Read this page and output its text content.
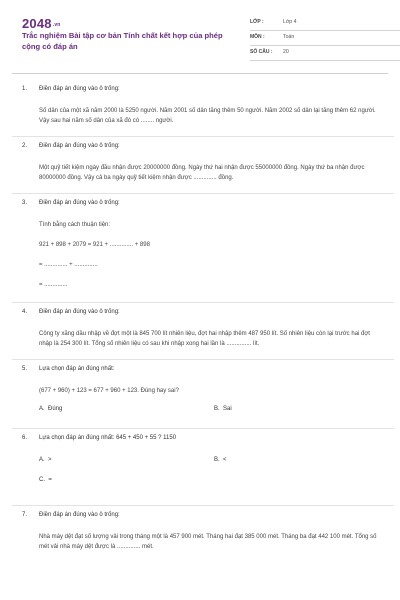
2048.vn
Trắc nghiệm Bài tập cơ bản Tính chất kết hợp của phép cộng có đáp án
LỚP :	Lớp 4
MÔN :	Toán
SỐ CÂU : 20
1. Điền đáp án đúng vào ô trống:
Số dân của một xã năm 2000 là 5250 người. Năm 2001 số dân tăng thêm 50 người. Năm 2002 số dân lại tăng thêm 62 người. Vậy sau hai năm số dân của xã đó có ........ người.
2. Điền đáp án đúng vào ô trống:
Một quỹ tiết kiệm ngày đầu nhận được 20000000 đồng. Ngày thứ hai nhận được 55000000 đồng. Ngày thứ ba nhận được 80000000 đồng. Vậy cả ba ngày quỹ tiết kiệm nhận được .............. đồng.
3. Điền đáp án đúng vào ô trống:
Tính bằng cách thuận tiện:
921 + 898 + 2079 = 921 + .............. + 898
= .............. + ..............
= ..............
4. Điền đáp án đúng vào ô trống:
Công ty xăng dầu nhập về đợt một là 845 700 lít nhiên liệu, đợt hai nhập thêm 487 950 lít. Số nhiên liệu còn lại trước hai đợt nhập là 254 300 lít. Tổng số nhiên liệu có sau khi nhập xong hai lần là ............... lít.
5. Lựa chọn đáp án đúng nhất:
(677 + 960) + 123 = 677 + 960 + 123. Đúng hay sai?
A. Đúng	B. Sai
6. Lựa chọn đáp án đúng nhất: 645 + 450 + 55 ? 1150
A. >	B. <
C. =
7. Điền đáp án đúng vào ô trống:
Nhà máy dệt đạt số lượng vải trong tháng một là 457 900 mét. Tháng hai đạt 385 000 mét. Tháng ba đạt 442 100 mét. Tổng số mét vải nhà máy dệt được là .............. mét.
